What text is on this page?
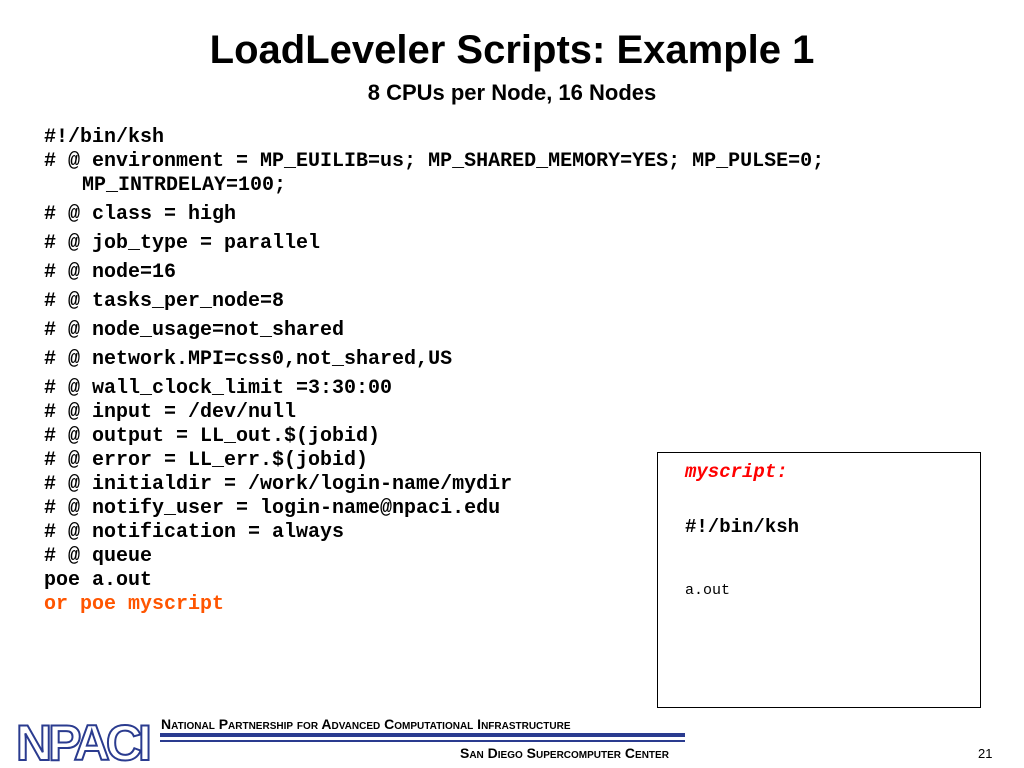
LoadLeveler Scripts: Example 1
8 CPUs per Node, 16 Nodes
#!/bin/ksh
# @ environment = MP_EUILIB=us; MP_SHARED_MEMORY=YES; MP_PULSE=0;
MP_INTRDELAY=100;
# @ class = high
# @ job_type = parallel
# @ node=16
# @ tasks_per_node=8
# @ node_usage=not_shared
# @ network.MPI=css0,not_shared,US
# @ wall_clock_limit =3:30:00
# @ input = /dev/null
# @ output = LL_out.$(jobid)
# @ error = LL_err.$(jobid)
# @ initialdir = /work/login-name/mydir
# @ notify_user = login-name@npaci.edu
# @ notification = always
# @ queue
poe a.out
or poe myscript
myscript:
#!/bin/ksh
a.out
NPACI National Partnership for Advanced Computational Infrastructure
San Diego Supercomputer Center	21
